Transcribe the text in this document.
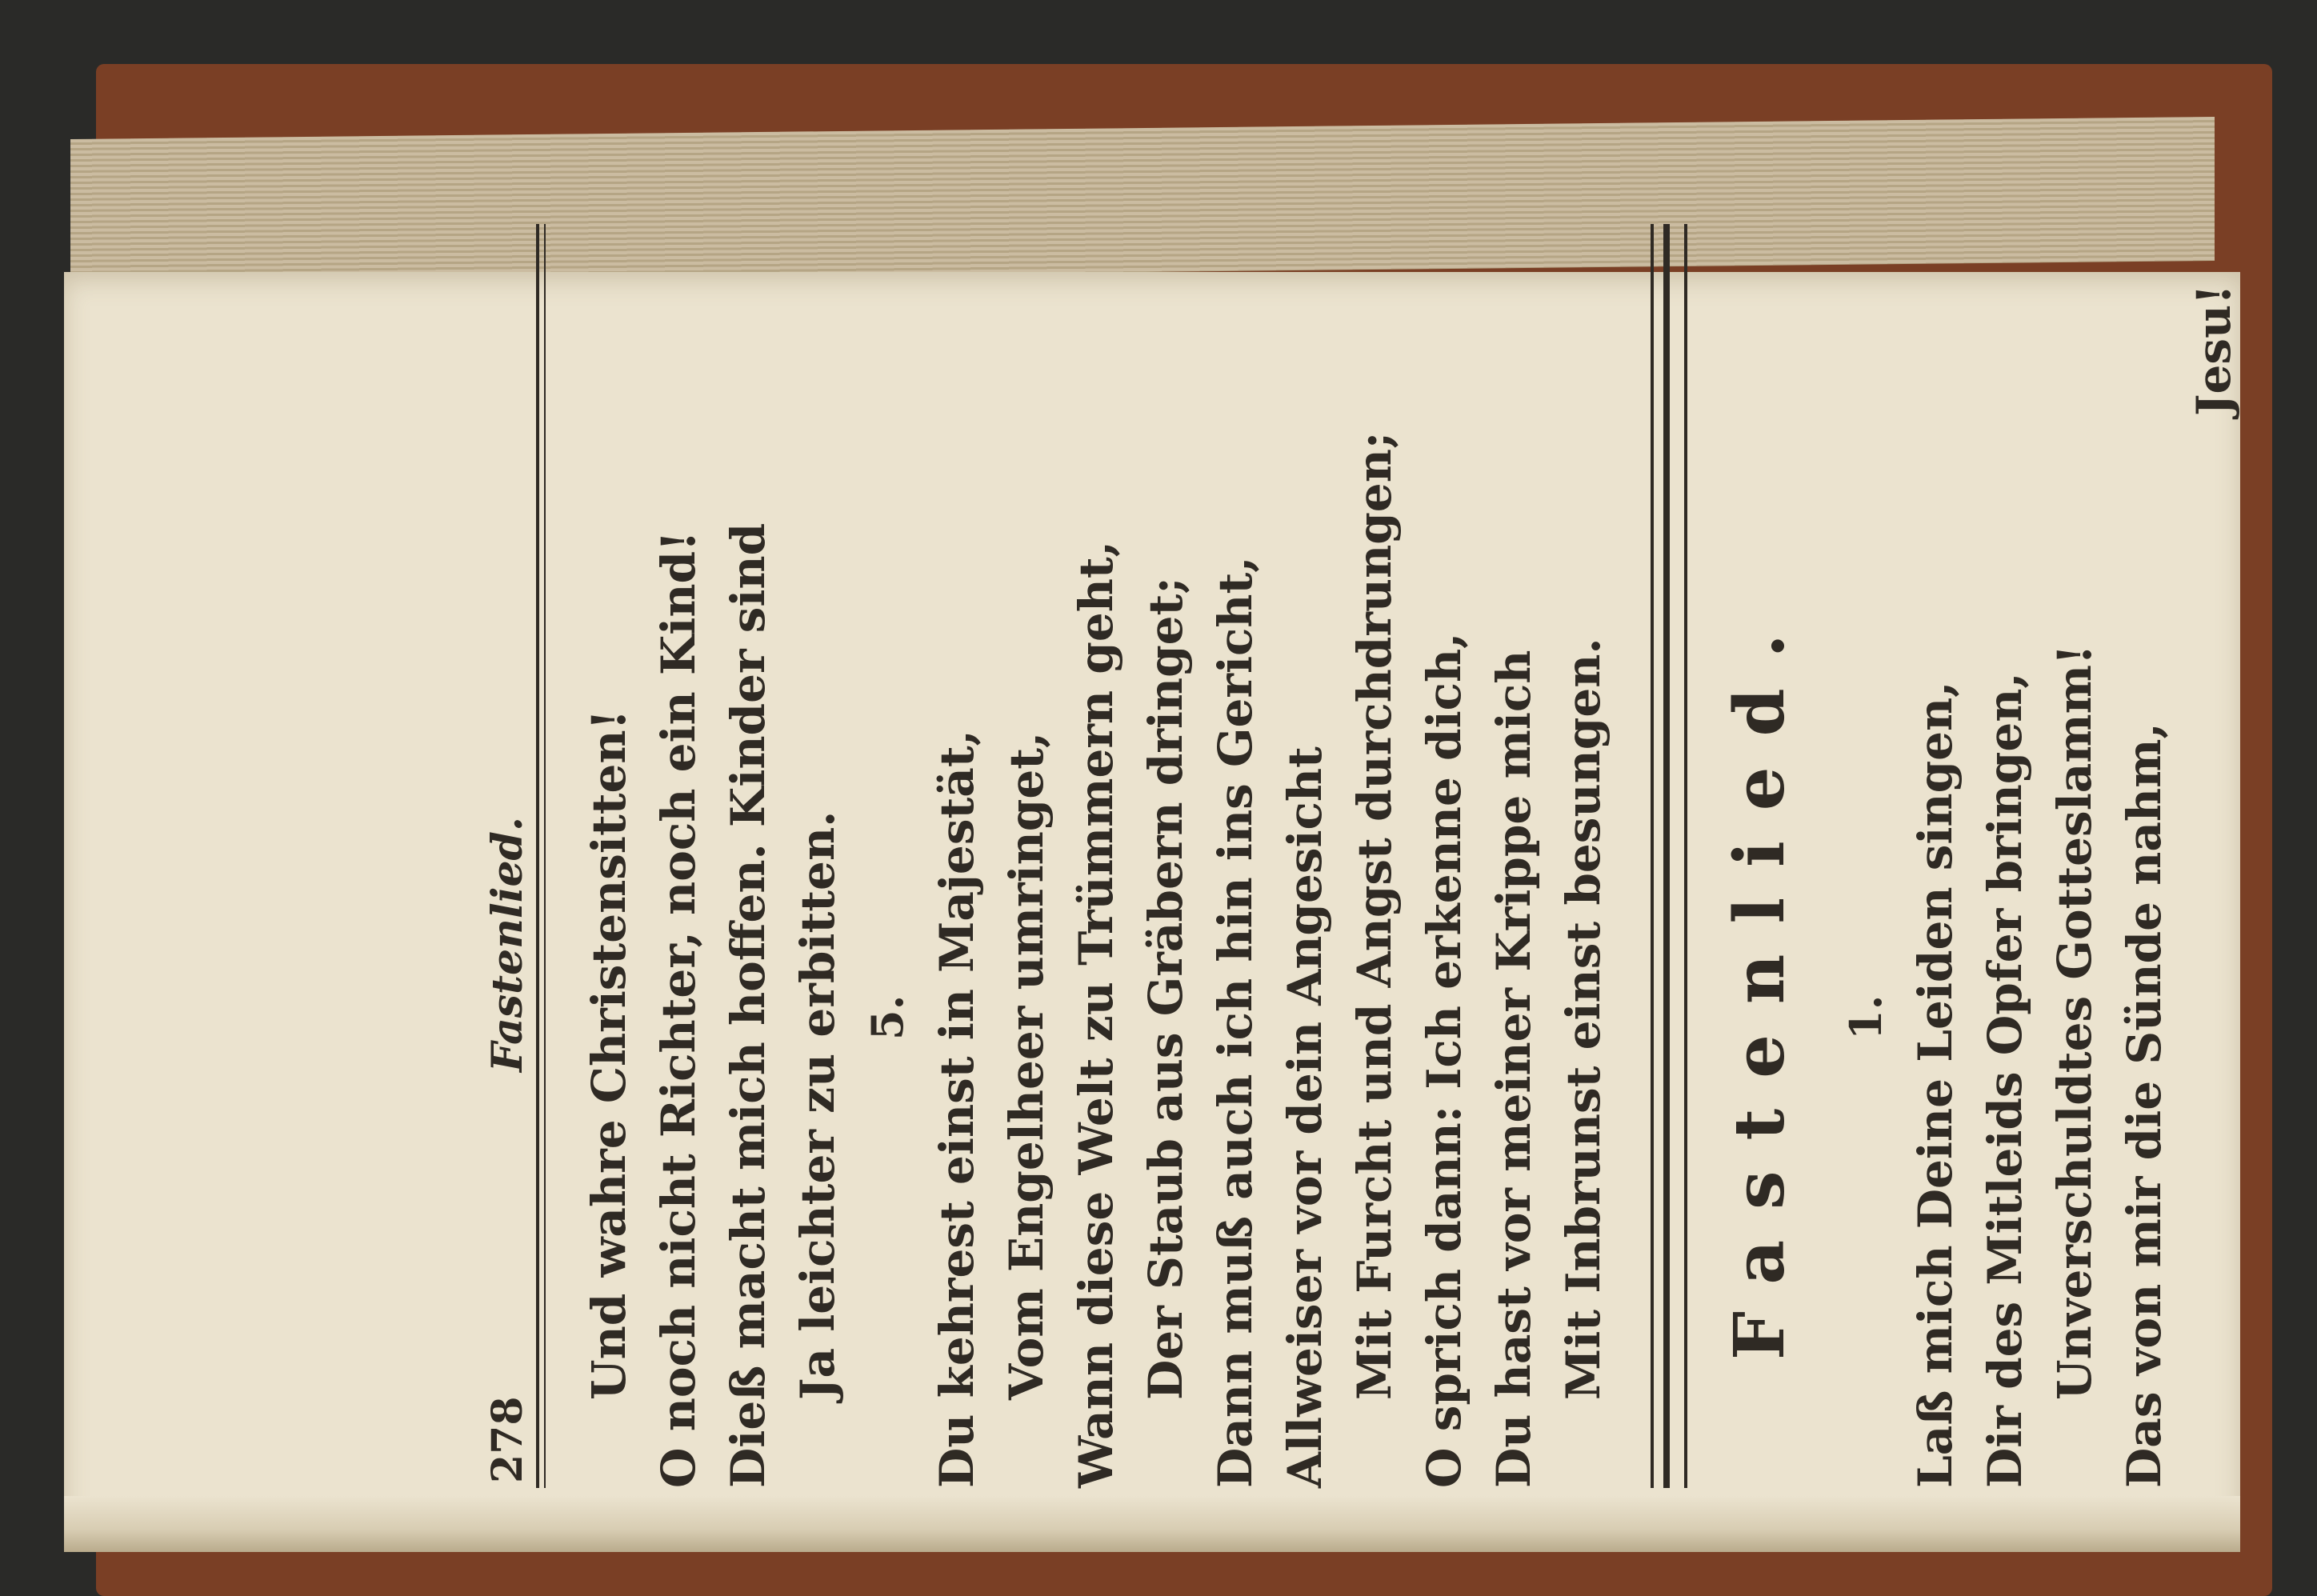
278
Fastenlied. Und wahre Christensitten! O noch nicht Richter, noch ein Kind! Dieß macht mich hoffen. Kinder sind Ja leichter zu erbitten. 5. Du kehrest einst in Majestät, Vom Engelheer umringet, Wann diese Welt zu Trümmern geht, Der Staub aus Gräbern dringet; Dann muß auch ich hin ins Gericht, Allweiser vor dein Angesicht Mit Furcht und Angst durchdrungen; O sprich dann: Ich erkenne dich, Du hast vor meiner Krippe mich Mit Inbrunst einst besungen. Fastenlied. 1. Laß mich Deine Leiden singen, Dir des Mitleids Opfer bringen, Unverschuldtes Gotteslamm! Das von mir die Sünde nahm,
Jesu!
